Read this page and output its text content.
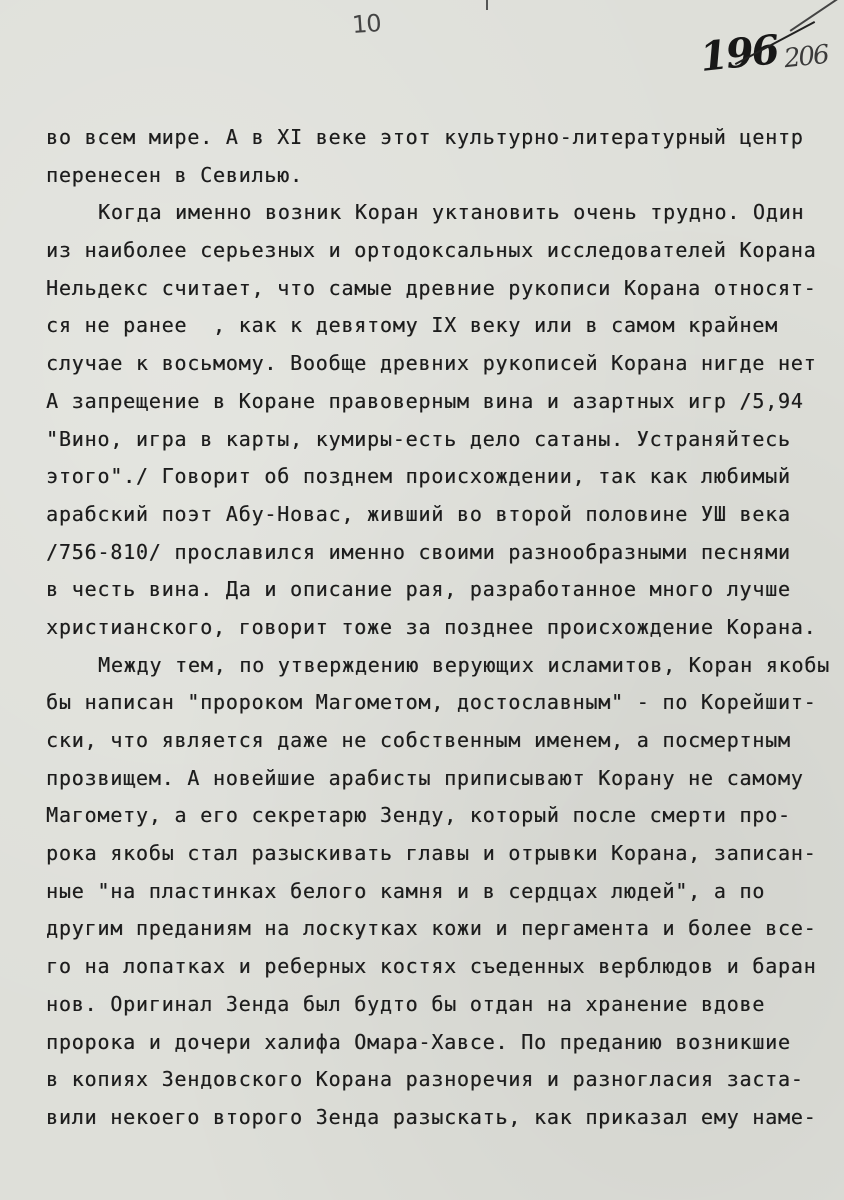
10
196 206
во всем мире. А в XI веке этот культурно-литературный центр
перенесен в Севилью.
Когда именно возник Коран уктановить очень трудно. Один
из наиболее серьезных и ортодоксальных исследователей Корана
Нельдекс считает, что самые древние рукописи Корана относят-
ся не ранее  , как к девятому IX веку или в самом крайнем
случае к восьмому. Вообще древних рукописей Корана нигде нет
А запрещение в Коране правоверным вина и азартных игр /5,94
"Вино, игра в карты, кумиры-есть дело сатаны. Устраняйтесь
этого"./ Говорит об позднем происхождении, так как любимый
арабский поэт Абу-Новас, живший во второй половине УШ века
/756-810/ прославился именно своими разнообразными песнями
в честь вина. Да и описание рая, разработанное много лучше
христианского, говорит тоже за позднее происхождение Корана.
Между тем, по утверждению верующих исламитов, Коран якобы
бы написан "пророком Магометом, достославным" - по Корейшит-
ски, что является даже не собственным именем, а посмертным
прозвищем. А новейшие арабисты приписывают Корану не самому
Магомету, а его секретарю Зенду, который после смерти про-
рока якобы стал разыскивать главы и отрывки Корана, записан-
ные "на пластинках белого камня и в сердцах людей", а по
другим преданиям на лоскутках кожи и пергамента и более все-
го на лопатках и реберных костях съеденных верблюдов и баран
нов. Оригинал Зенда был будто бы отдан на хранение вдове
пророка и дочери халифа Омара-Хавсе. По преданию возникшие
в копиях Зендовского Корана разноречия и разногласия заста-
вили некоего второго Зенда разыскать, как приказал ему наме-
